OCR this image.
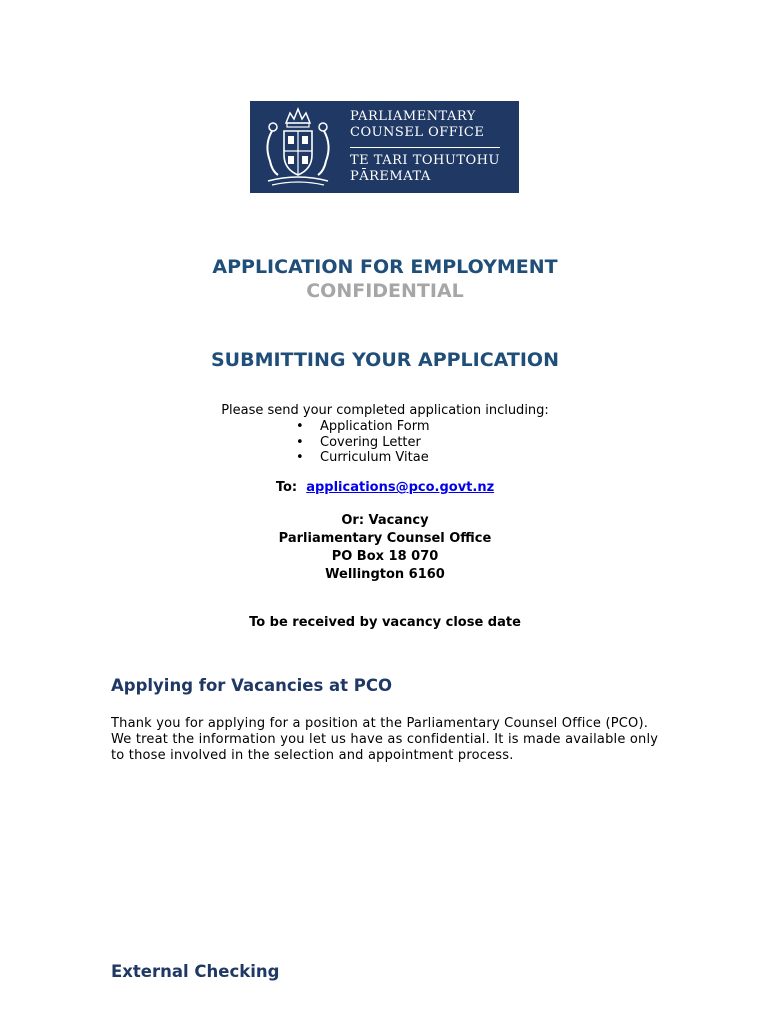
PARLIAMENTARY
COUNSEL OFFICE
TE TARI TOHUTOHU
PĀREMATA
APPLICATION FOR EMPLOYMENT
CONFIDENTIAL
SUBMITTING YOUR APPLICATION
Please send your completed application including:
•	Application Form
•	Covering Letter
•	Curriculum Vitae
To: applications@pco.govt.nz
Or: Vacancy
Parliamentary Counsel Office
PO Box 18 070
Wellington 6160
To be received by vacancy close date
Applying for Vacancies at PCO

Thank you for applying for a position at the Parliamentary Counsel Office (PCO).

We treat the information you let us have as confidential. It is made available only to those involved in the selection and appointment process.

External Checking
